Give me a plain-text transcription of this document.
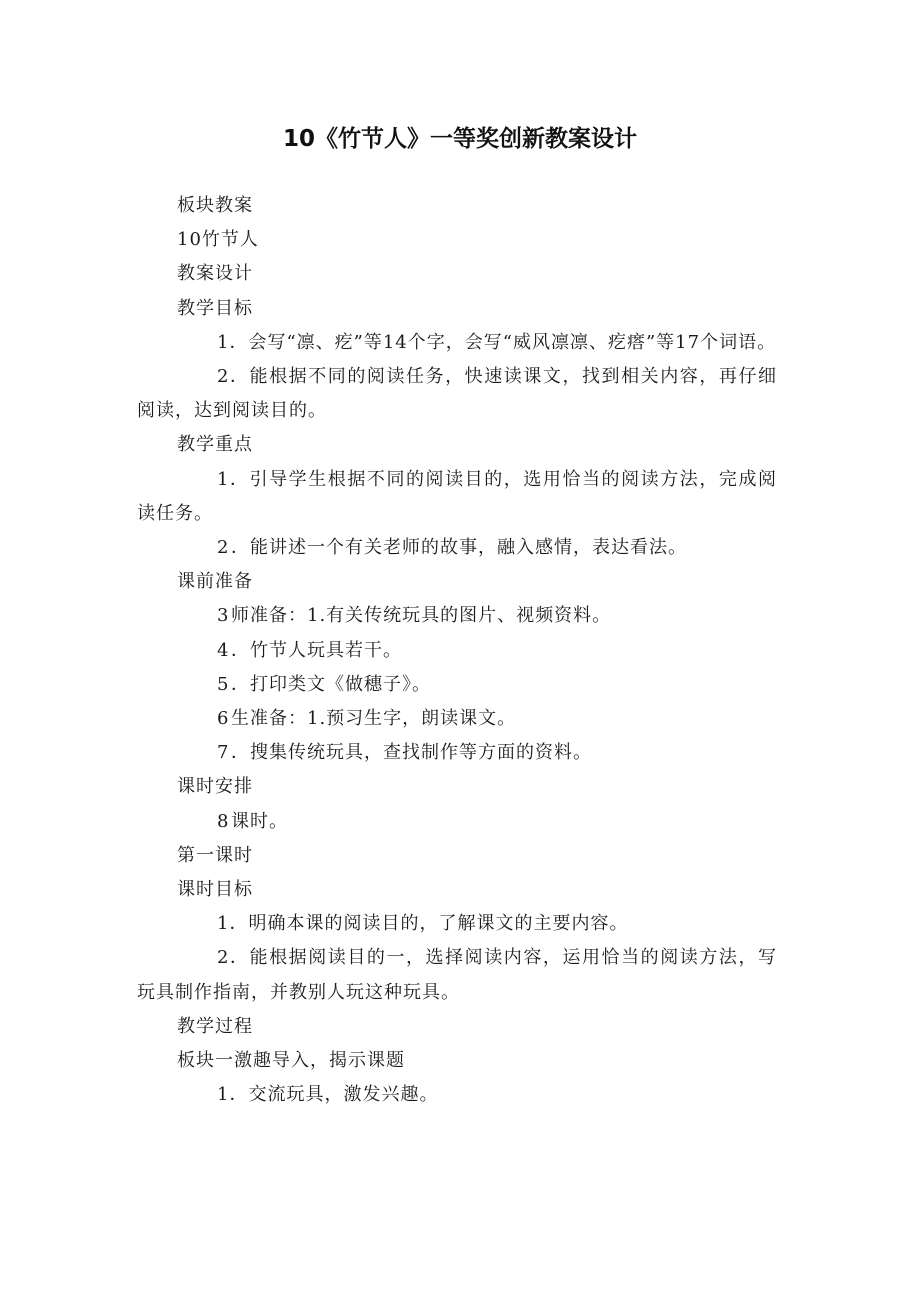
10《竹节人》一等奖创新教案设计

板块教案

10竹节人

教案设计

教学目标

1．会写“凛、疙”等14个字，会写“威风凛凛、疙瘩”等17个词语。

2．能根据不同的阅读任务，快速读课文，找到相关内容，再仔细阅读，达到阅读目的。

教学重点

1．引导学生根据不同的阅读目的，选用恰当的阅读方法，完成阅读任务。

2．能讲述一个有关老师的故事，融入感情，表达看法。

课前准备

3师准备：1.有关传统玩具的图片、视频资料。

4．竹节人玩具若干。

5．打印类文《做穗子》。

6生准备：1.预习生字，朗读课文。

7．搜集传统玩具，查找制作等方面的资料。

课时安排

8课时。

第一课时

课时目标

1．明确本课的阅读目的，了解课文的主要内容。

2．能根据阅读目的一，选择阅读内容，运用恰当的阅读方法，写玩具制作指南，并教别人玩这种玩具。

教学过程

板块一激趣导入，揭示课题

1．交流玩具，激发兴趣。
